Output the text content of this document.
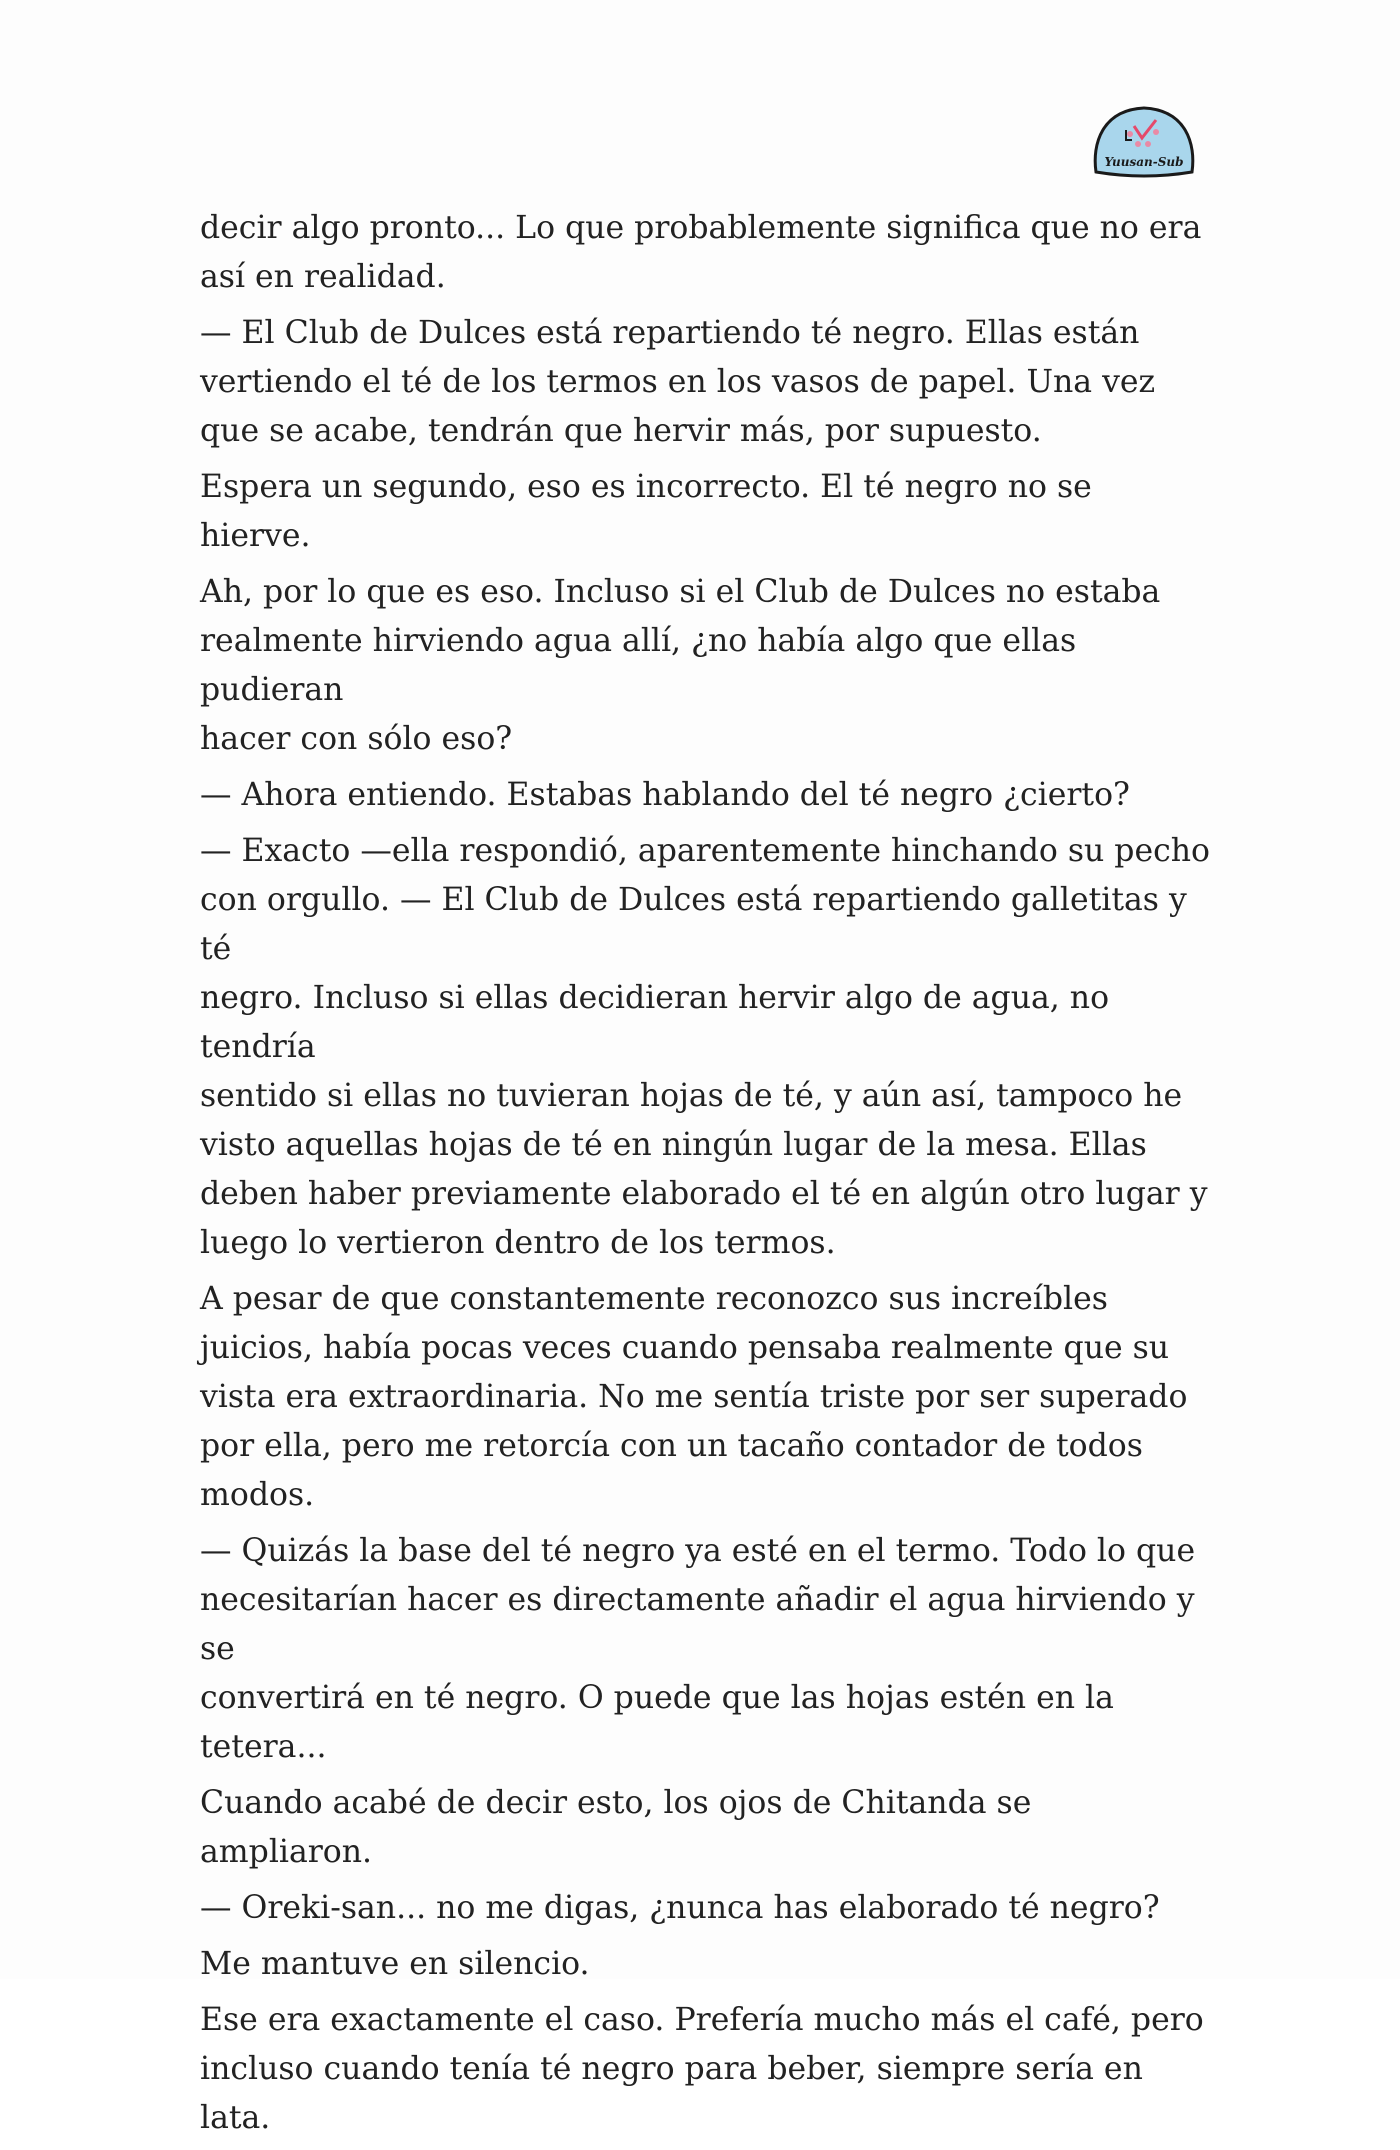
Yuusan-Sub

decir algo pronto... Lo que probablemente significa que no era
así en realidad.

— El Club de Dulces está repartiendo té negro. Ellas están
vertiendo el té de los termos en los vasos de papel. Una vez
que se acabe, tendrán que hervir más, por supuesto.

Espera un segundo, eso es incorrecto. El té negro no se hierve.

Ah, por lo que es eso. Incluso si el Club de Dulces no estaba
realmente hirviendo agua allí, ¿no había algo que ellas pudieran
hacer con sólo eso?

— Ahora entiendo. Estabas hablando del té negro ¿cierto?

— Exacto —ella respondió, aparentemente hinchando su pecho
con orgullo. — El Club de Dulces está repartiendo galletitas y té
negro. Incluso si ellas decidieran hervir algo de agua, no tendría
sentido si ellas no tuvieran hojas de té, y aún así, tampoco he
visto aquellas hojas de té en ningún lugar de la mesa. Ellas
deben haber previamente elaborado el té en algún otro lugar y
luego lo vertieron dentro de los termos.

A pesar de que constantemente reconozco sus increíbles
juicios, había pocas veces cuando pensaba realmente que su
vista era extraordinaria. No me sentía triste por ser superado
por ella, pero me retorcía con un tacaño contador de todos
modos.

— Quizás la base del té negro ya esté en el termo. Todo lo que
necesitarían hacer es directamente añadir el agua hirviendo y se
convertirá en té negro. O puede que las hojas estén en la
tetera...

Cuando acabé de decir esto, los ojos de Chitanda se ampliaron.

— Oreki-san... no me digas, ¿nunca has elaborado té negro?

Me mantuve en silencio.

Ese era exactamente el caso. Prefería mucho más el café, pero
incluso cuando tenía té negro para beber, siempre sería en lata.
